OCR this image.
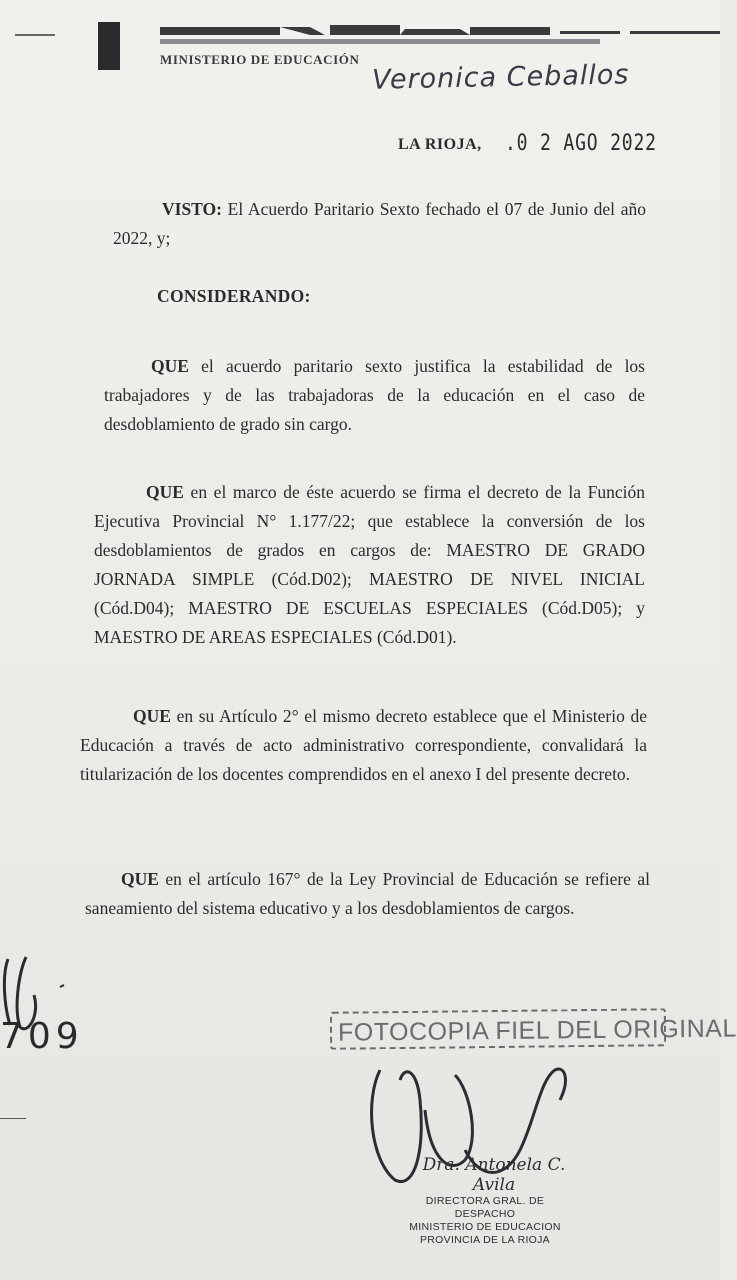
MINISTERIO DE EDUCACIÓN Veronica Ceballos
LA RIOJA, .0 2 AGO 2022
VISTO: El Acuerdo Paritario Sexto fechado el 07 de Junio del año 2022, y;
CONSIDERANDO:
QUE el acuerdo paritario sexto justifica la estabilidad de los trabajadores y de las trabajadoras de la educación en el caso de desdoblamiento de grado sin cargo.
QUE en el marco de éste acuerdo se firma el decreto de la Función Ejecutiva Provincial N° 1.177/22; que establece la conversión de los desdoblamientos de grados en cargos de: MAESTRO DE GRADO JORNADA SIMPLE (Cód.D02); MAESTRO DE NIVEL INICIAL (Cód.D04); MAESTRO DE ESCUELAS ESPECIALES (Cód.D05); y MAESTRO DE AREAS ESPECIALES (Cód.D01).
QUE en su Artículo 2° el mismo decreto establece que el Ministerio de Educación a través de acto administrativo correspondiente, convalidará la titularización de los docentes comprendidos en el anexo I del presente decreto.
QUE en el artículo 167° de la Ley Provincial de Educación se refiere al saneamiento del sistema educativo y a los desdoblamientos de cargos.
709	FOTOCOPIA FIEL DEL ORIGINAL
Dra. Antonela C. Avila
DIRECTORA GRAL. DE DESPACHO
MINISTERIO DE EDUCACION
PROVINCIA DE LA RIOJA
